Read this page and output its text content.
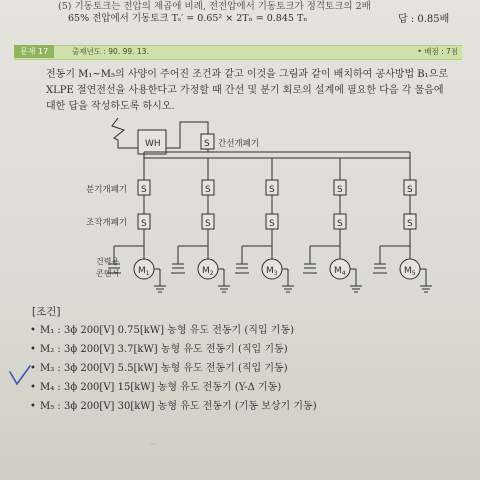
(5) 기동토크는 전압의 제곱에 비례, 전전압에서 기동토크가 정격토크의 2배
65% 전압에서 기동토크 Tₛ′ = 0.65² × 2Tₙ = 0.845 Tₙ	답 : 0.85배
문제 17	출제년도 : 90. 99. 13.	• 배점 : 7점

전동기 M₁~M₅의 사양이 주어진 조건과 같고 이것을 그림과 같이 배치하여 공사방법 B₁으로 XLPE 절연전선을 사용한다고 가정할 때 간선 및 분기 회로의 설계에 필요한 다음 각 물음에 대한 답을 작성하도록 하시오.

WH	S 간선개폐기
분기개폐기
조작개폐기
건력용
콘덴서
S
S
$M_1$
S
S
$M_2$
S
S
$M_3$
S
S
$M_4$
S
S
$M_5$
[조건]
• M₁ : 3ϕ 200[V] 0.75[kW] 농형 유도 전동기 (직입 기동)
• M₂ : 3ϕ 200[V] 3.7[kW] 농형 유도 전동기 (직입 기동)
• M₃ : 3ϕ 200[V] 5.5[kW] 농형 유도 전동기 (직입 기동)
• M₄ : 3ϕ 200[V] 15[kW] 농형 유도 전동기 (Y-Δ 기동)
• M₅ : 3ϕ 200[V] 30[kW] 농형 유도 전동기 (기동 보상기 기동)
─
